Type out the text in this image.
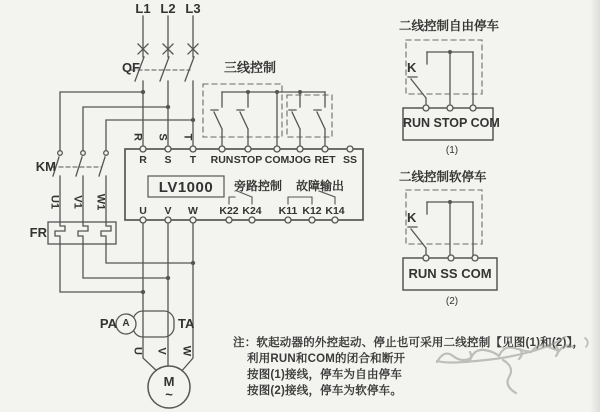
L1 L2 L3
QF
KM
FR
三线控制
R S T
U1 V1 W1
U V W
R S T RUN STOP COM JOG RET SS
LV1000	旁路控制 故障输出
U V W K22 K24 K11 K12 K14
PA A	TA
M
~
二线控制自由停车
K
RUN STOP COM
(1)
二线控制软停车
K
RUN SS COM
(2)
注：软起动器的外控起动、停止也可采用二线控制【见图(1)和(2)】，
利用RUN和COM的闭合和断开
按图(1)接线，停车为自由停车
按图(2)接线，停车为软停车。
